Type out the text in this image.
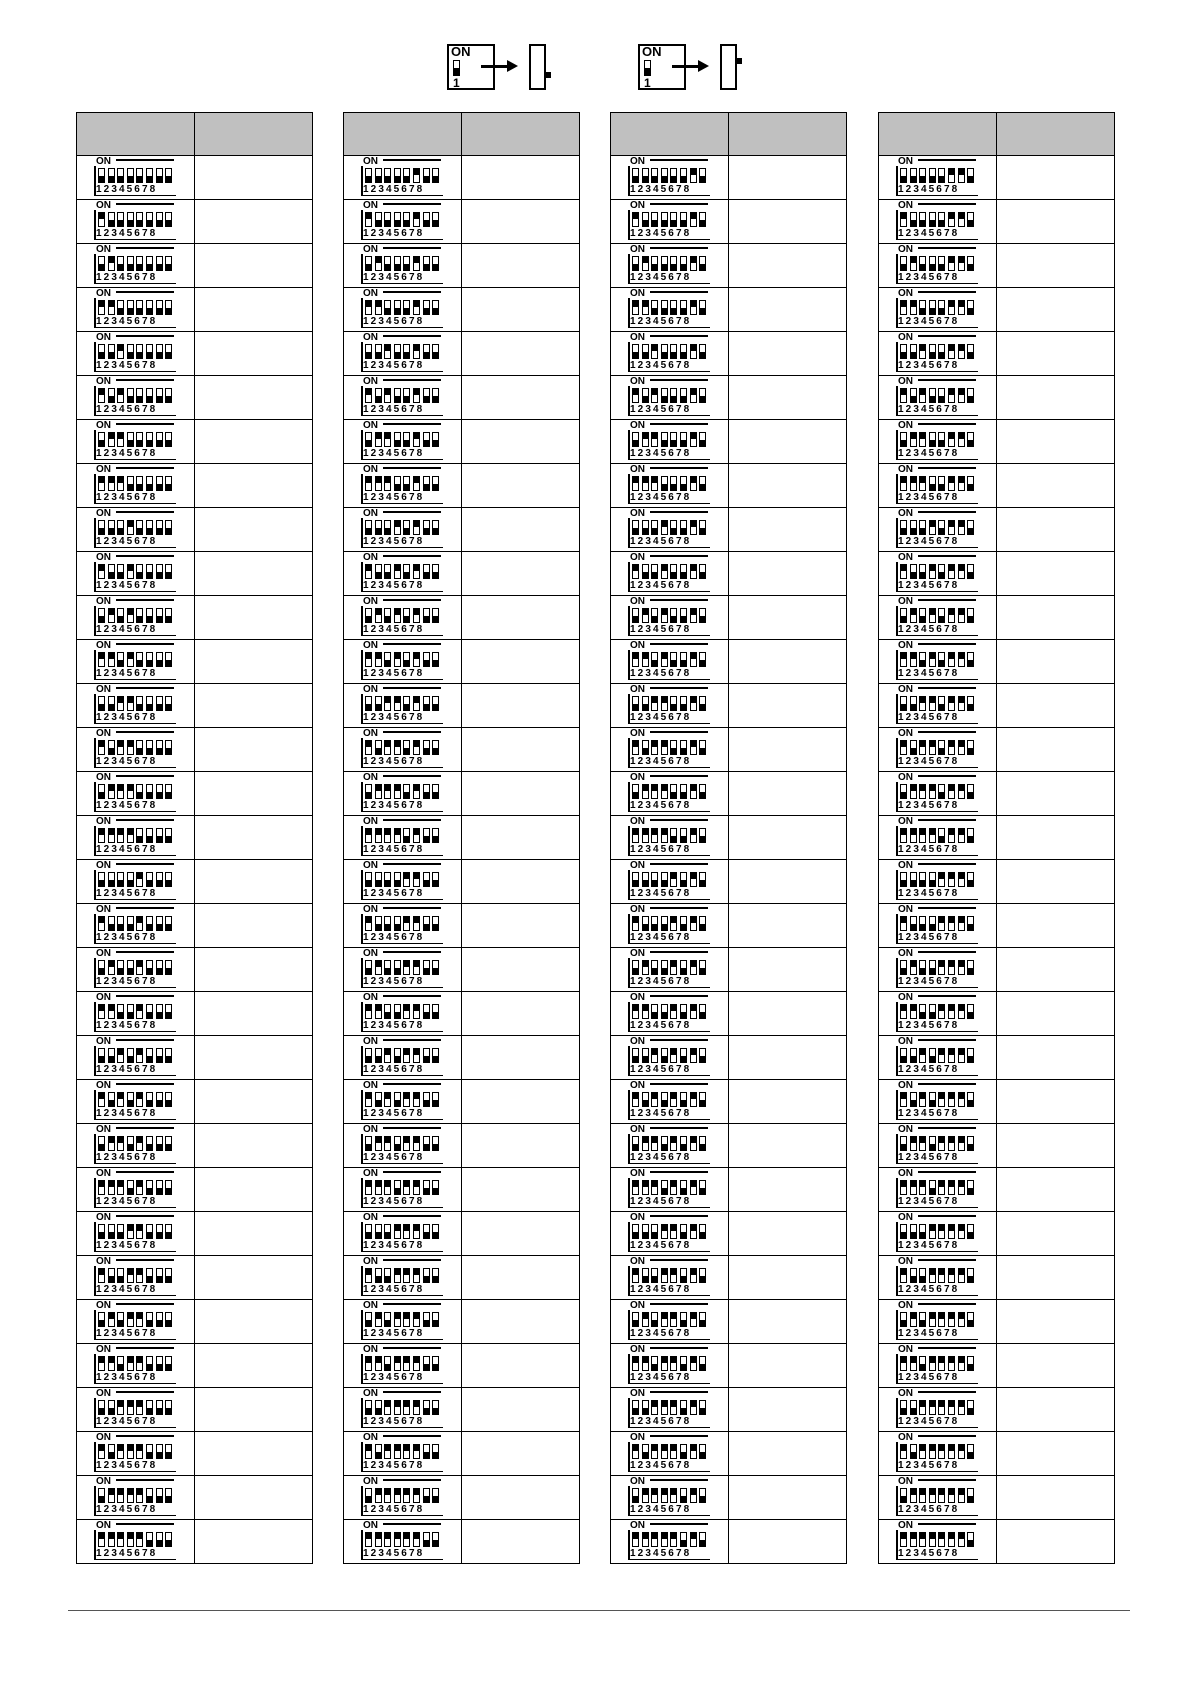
ON
1
ON
1

ON
12345678	

ON
12345678	

ON
12345678	

ON
12345678	

ON
12345678	

ON
12345678	

ON
12345678	

ON
12345678	

ON
12345678	

ON
12345678	

ON
12345678	

ON
12345678	

ON
12345678	

ON
12345678	

ON
12345678	

ON
12345678	

ON
12345678	

ON
12345678	

ON
12345678	

ON
12345678	

ON
12345678	

ON
12345678	

ON
12345678	

ON
12345678	

ON
12345678	

ON
12345678	

ON
12345678	

ON
12345678	

ON
12345678	

ON
12345678	

ON
12345678	

ON
12345678	

ON
12345678	

ON
12345678	

ON
12345678	

ON
12345678	

ON
12345678	

ON
12345678	

ON
12345678	

ON
12345678	

ON
12345678	

ON
12345678	

ON
12345678	

ON
12345678	

ON
12345678	

ON
12345678	

ON
12345678	

ON
12345678	

ON
12345678	

ON
12345678	

ON
12345678	

ON
12345678	

ON
12345678	

ON
12345678	

ON
12345678	

ON
12345678	

ON
12345678	

ON
12345678	

ON
12345678	

ON
12345678	

ON
12345678	

ON
12345678	

ON
12345678	

ON
12345678	

ON
12345678	

ON
12345678	

ON
12345678	

ON
12345678	

ON
12345678	

ON
12345678	

ON
12345678	

ON
12345678	

ON
12345678	

ON
12345678	

ON
12345678	

ON
12345678	

ON
12345678	

ON
12345678	

ON
12345678	

ON
12345678	

ON
12345678	

ON
12345678	

ON
12345678	

ON
12345678	

ON
12345678	

ON
12345678	

ON
12345678	

ON
12345678	

ON
12345678	

ON
12345678	

ON
12345678	

ON
12345678	

ON
12345678	

ON
12345678	

ON
12345678	

ON
12345678	

ON
12345678	

ON
12345678	

ON
12345678	

ON
12345678	

ON
12345678	

ON
12345678	

ON
12345678	

ON
12345678	

ON
12345678	

ON
12345678	

ON
12345678	

ON
12345678	

ON
12345678	

ON
12345678	

ON
12345678	

ON
12345678	

ON
12345678	

ON
12345678	

ON
12345678	

ON
12345678	

ON
12345678	

ON
12345678	

ON
12345678	

ON
12345678	

ON
12345678	

ON
12345678	

ON
12345678	

ON
12345678	

ON
12345678	

ON
12345678	

ON
12345678	

ON
12345678	
